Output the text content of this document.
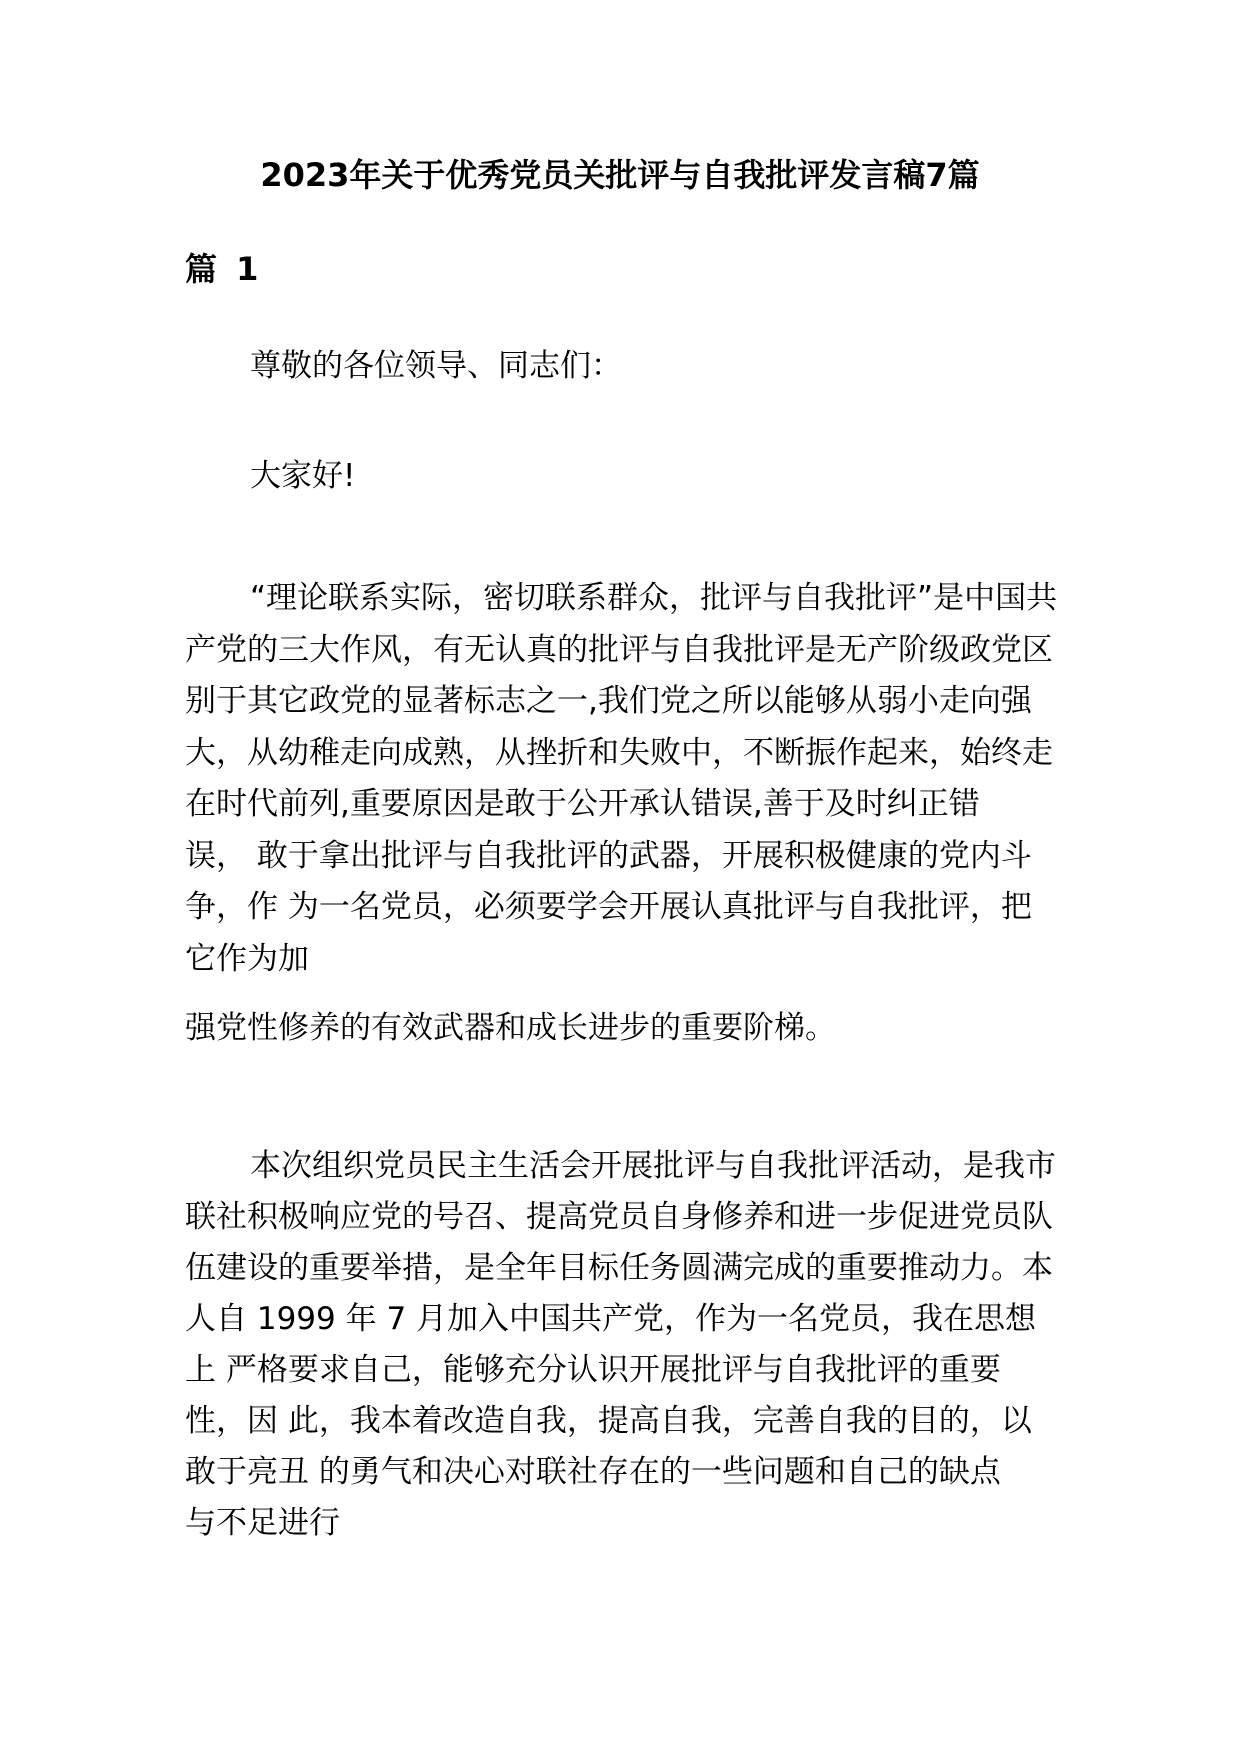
2023年关于优秀党员关批评与自我批评发言稿7篇
篇 1
尊敬的各位领导、同志们：
大家好!
“理论联系实际，密切联系群众，批评与自我批评”是中国共
产党的三大作风，有无认真的批评与自我批评是无产阶级政党区
别于其它政党的显著标志之一,我们党之所以能够从弱小走向强
大，从幼稚走向成熟，从挫折和失败中，不断振作起来，始终走
在时代前列,重要原因是敢于公开承认错误,善于及时纠正错
误， 敢于拿出批评与自我批评的武器，开展积极健康的党内斗
争，作 为一名党员，必须要学会开展认真批评与自我批评，把
它作为加
强党性修养的有效武器和成长进步的重要阶梯。
本次组织党员民主生活会开展批评与自我批评活动，是我市
联社积极响应党的号召、提高党员自身修养和进一步促进党员队
伍建设的重要举措，是全年目标任务圆满完成的重要推动力。本
人自 1999 年 7 月加入中国共产党，作为一名党员，我在思想
上 严格要求自己，能够充分认识开展批评与自我批评的重要
性，因 此，我本着改造自我，提高自我，完善自我的目的，以
敢于亮丑 的勇气和决心对联社存在的一些问题和自己的缺点
与不足进行
